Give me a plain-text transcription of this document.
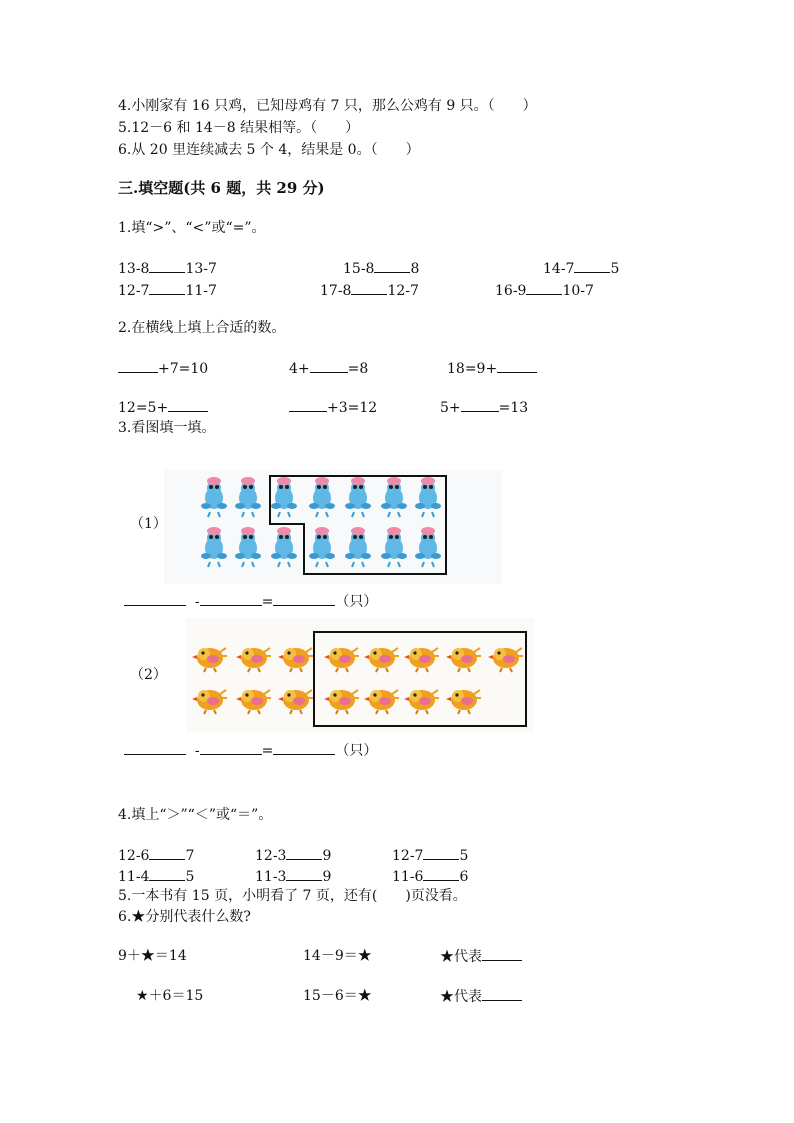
4.小刚家有 16 只鸡，已知母鸡有 7 只，那么公鸡有 9 只。（　　）
5.12－6 和 14－8 结果相等。（　　）
6.从 20 里连续减去 5 个 4，结果是 0。（　　）
三.填空题(共 6 题，共 29 分)
1.填“>”、“<”或“=”。
13-8	13-7	15-8	8	14-7	5
12-7	11-7	17-8	12-7	16-9	10-7
2.在横线上填上合适的数。
+7=10	4+	=8	18=9+
12=5+	+3=12	5+	=13
3.看图填一填。
（1）
-	=	（只）
（2）
-	=	（只）
4.填上“＞”“＜”或“＝”。
12-6	7	12-3	9	12-7	5
11-4	5	11-3	9	11-6	6
5.一本书有 15 页，小明看了 7 页，还有(　　)页没看。
6.★分别代表什么数?
9＋★＝14	14－9＝★	★代表
★＋6＝15	15－6＝★	★代表
